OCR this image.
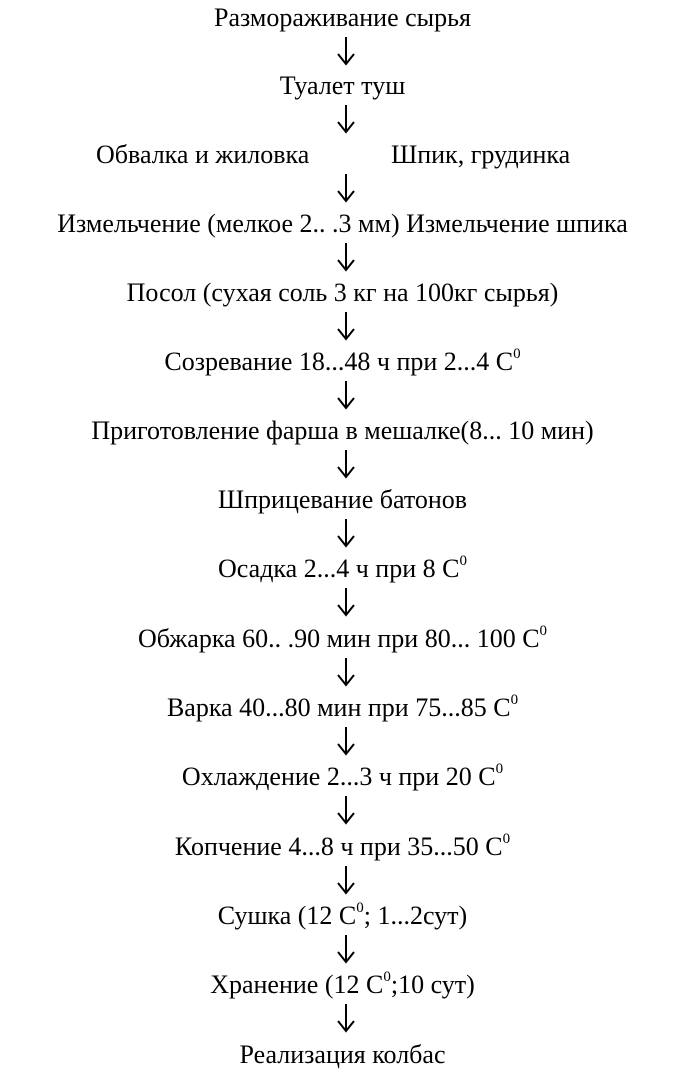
Размораживание сырья
Туалет туш
Обвалка и жиловка	Шпик, грудинка
Измельчение (мелкое 2.. .3 мм) Измельчение шпика
Посол (сухая соль 3 кг на 100кг сырья)
Созревание 18...48 ч при 2...4 $С^0$
Приготовление фарша в мешалке(8... 10 мин)
Шприцевание батонов
Осадка 2...4 ч при 8 $С^0$
Обжарка 60.. .90 мин при 80... 100 $С^0$
Варка 40...80 мин при 75...85 $С^0$
Охлаждение 2...3 ч при 20 $С^0$
Копчение 4...8 ч при 35...50 $С^0$
Сушка (12 $С^0$; 1...2сут)
Хранение (12 $С^0;10$ сут)
Реализация колбас
